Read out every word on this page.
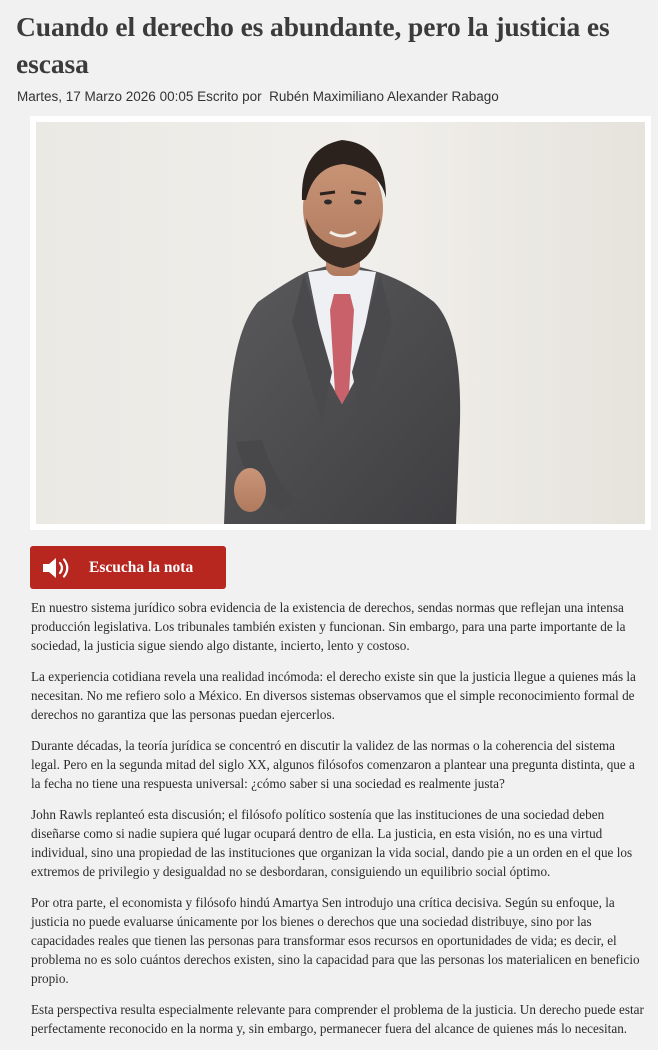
Cuando el derecho es abundante, pero la justicia es escasa
Martes, 17 Marzo 2026 00:05 Escrito por Rubén Maximiliano Alexander Rabago
Escucha la nota

En nuestro sistema jurídico sobra evidencia de la existencia de derechos, sendas normas que reflejan una intensa producción legislativa. Los tribunales también existen y funcionan. Sin embargo, para una parte importante de la sociedad, la justicia sigue siendo algo distante, incierto, lento y costoso.

La experiencia cotidiana revela una realidad incómoda: el derecho existe sin que la justicia llegue a quienes más la necesitan. No me refiero solo a México. En diversos sistemas observamos que el simple reconocimiento formal de derechos no garantiza que las personas puedan ejercerlos.

Durante décadas, la teoría jurídica se concentró en discutir la validez de las normas o la coherencia del sistema legal. Pero en la segunda mitad del siglo XX, algunos filósofos comenzaron a plantear una pregunta distinta, que a la fecha no tiene una respuesta universal: ¿cómo saber si una sociedad es realmente justa?

John Rawls replanteó esta discusión; el filósofo político sostenía que las instituciones de una sociedad deben diseñarse como si nadie supiera qué lugar ocupará dentro de ella. La justicia, en esta visión, no es una virtud individual, sino una propiedad de las instituciones que organizan la vida social, dando pie a un orden en el que los extremos de privilegio y desigualdad no se desbordaran, consiguiendo un equilibrio social óptimo.

Por otra parte, el economista y filósofo hindú Amartya Sen introdujo una crítica decisiva. Según su enfoque, la justicia no puede evaluarse únicamente por los bienes o derechos que una sociedad distribuye, sino por las capacidades reales que tienen las personas para transformar esos recursos en oportunidades de vida; es decir, el problema no es solo cuántos derechos existen, sino la capacidad para que las personas los materialicen en beneficio propio.

Esta perspectiva resulta especialmente relevante para comprender el problema de la justicia. Un derecho puede estar perfectamente reconocido en la norma y, sin embargo, permanecer fuera del alcance de quienes más lo necesitan.
